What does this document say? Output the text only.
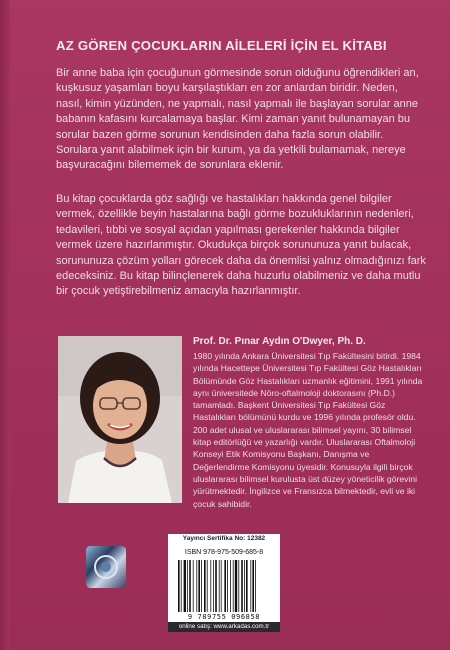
AZ GÖREN ÇOCUKLARIN AİLELERİ İÇİN EL KİTABI

Bir anne baba için çocuğunun görmesinde sorun olduğunu öğrendikleri an, kuşkusuz yaşamları boyu karşılaştıkları en zor anlardan biridir. Neden, nasıl, kimin yüzünden, ne yapmalı, nasıl yapmalı ile başlayan sorular anne babanın kafasını kurcalamaya başlar. Kimi zaman yanıt bulunamayan bu sorular bazen görme sorunun kendisinden daha fazla sorun olabilir. Sorulara yanıt alabilmek için bir kurum, ya da yetkili bulamamak, nereye başvuracağını bilememek de sorunlara eklenir.

Bu kitap çocuklarda göz sağlığı ve hastalıkları hakkında genel bilgiler vermek, özellikle beyin hastalarına bağlı görme bozukluklarının nedenleri, tedavileri, tıbbi ve sosyal açıdan yapılması gerekenler hakkında bilgiler vermek üzere hazırlanmıştır. Okudukça birçok sorununuza yanıt bulacak, sorununuza çözüm yolları görecek daha da önemlisi yalnız olmadığınızı fark edeceksiniz. Bu kitap bilinçlenerek daha huzurlu olabilmeniz ve daha mutlu bir çocuk yetiştirebilmeniz amacıyla hazırlanmıştır.

Prof. Dr. Pınar Aydın O'Dwyer, Ph. D.

1980 yılında Ankara Üniversitesi Tıp Fakültesini bitirdi. 1984 yılında Hacettepe Üniversitesi Tıp Fakültesi Göz Hastalıkları Bölümünde Göz Hastalıkları uzmanlık eğitimini, 1991 yılında aynı üniversitede Nöro-oftalmoloji doktorasını (Ph.D.) tamamladı. Başkent Üniversitesi Tıp Fakültesi Göz Hastalıkları bölümünü kurdu ve 1996 yılında profesör oldu. 200 adet ulusal ve uluslararası bilimsel yayını, 30 bilimsel kitap editörlüğü ve yazarlığı vardır. Uluslararası Oftalmoloji Konseyi Etik Komisyonu Başkanı, Danışma ve Değerlendirme Komisyonu üyesidir. Konusuyla ilgili birçok uluslararası bilimsel kurulusta üst düzey yöneticilik görevini yürütmektedir. İngilizce ve Fransızca bilmektedir, evli ve iki çocuk sahibidir.

Yayıncı Sertifika No: 12382
ISBN 978-975-509-685-8
9 789755 096858
online satış: www.arkadas.com.tr
